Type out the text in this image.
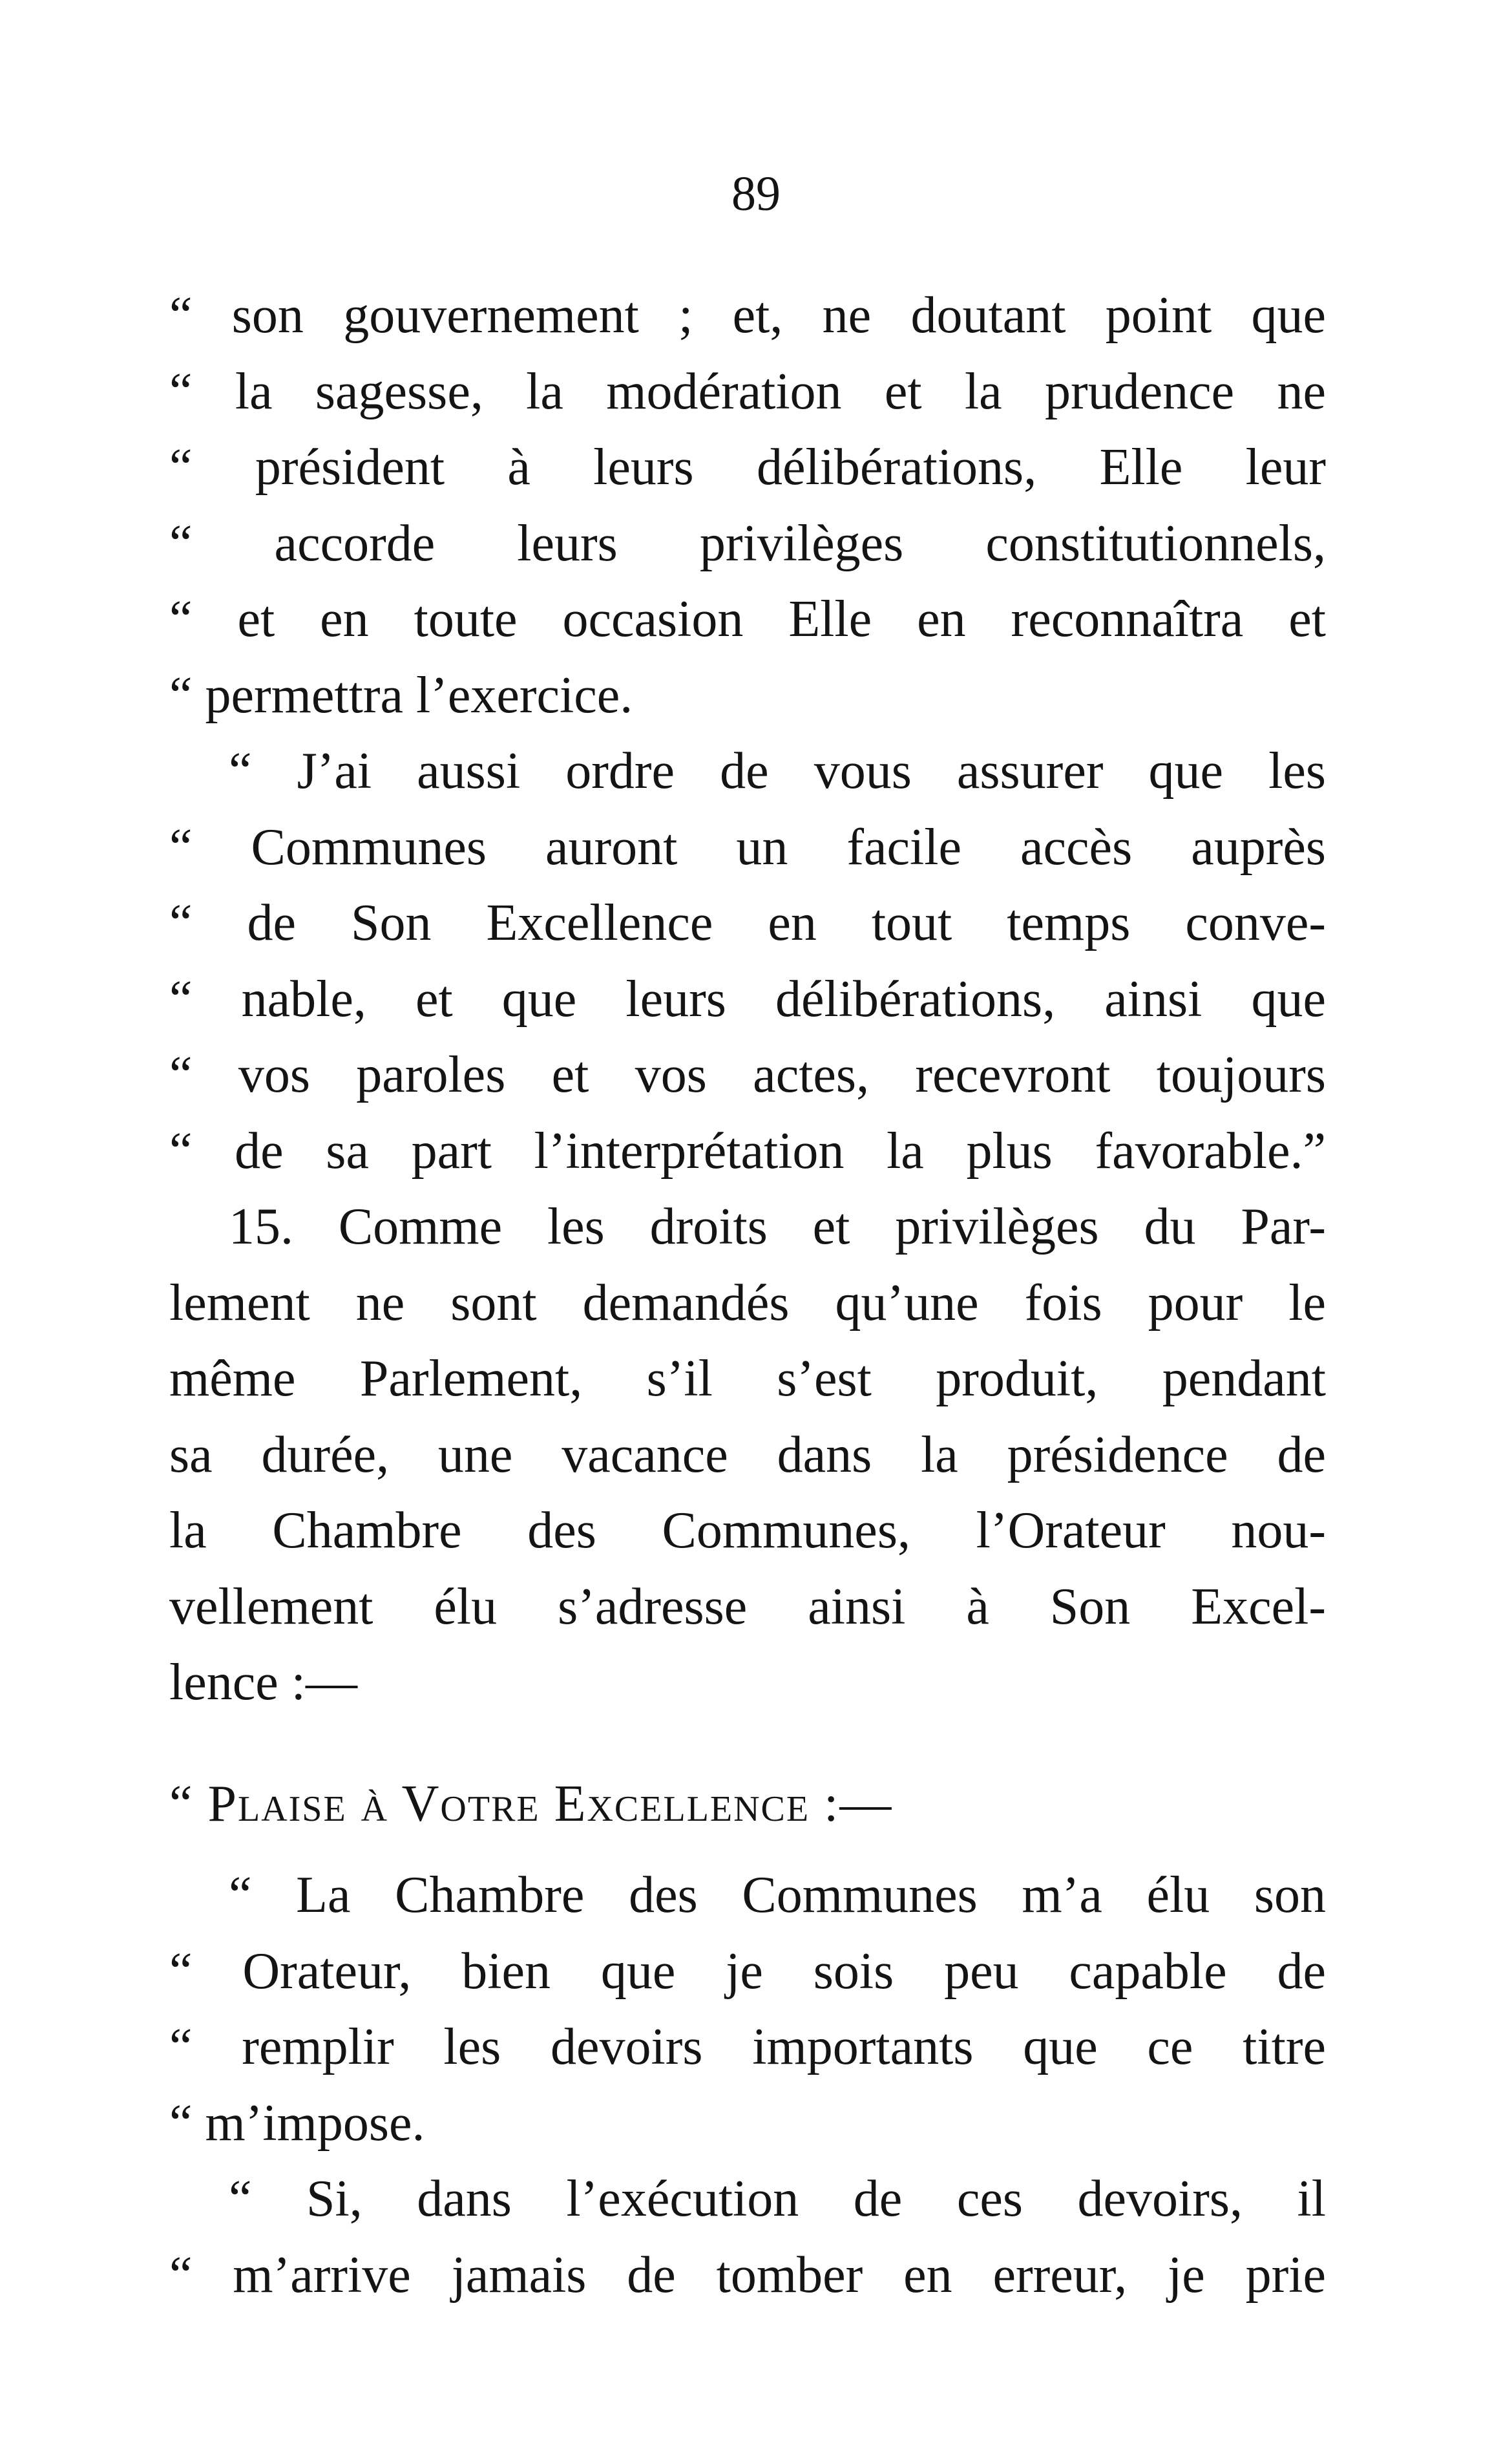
89
“ son gouvernement ; et, ne doutant point que
“ la sagesse, la modération et la prudence ne
“ président à leurs délibérations, Elle leur
“ accorde leurs privilèges constitutionnels,
“ et en toute occasion Elle en reconnaîtra et
“ permettra l’exercice.
“ J’ai aussi ordre de vous assurer que les
“ Communes auront un facile accès auprès
“ de Son Excellence en tout temps conve-
“ nable, et que leurs délibérations, ainsi que
“ vos paroles et vos actes, recevront toujours
“ de sa part l’interprétation la plus favorable.”
15. Comme les droits et privilèges du Par-
lement ne sont demandés qu’une fois pour le
même Parlement, s’il s’est produit, pendant
sa durée, une vacance dans la présidence de
la Chambre des Communes, l’Orateur nou-
vellement élu s’adresse ainsi à Son Excel-
lence :—
“ Plaise à Votre Excellence :—
“ La Chambre des Communes m’a élu son
“ Orateur, bien que je sois peu capable de
“ remplir les devoirs importants que ce titre
“ m’impose.
“ Si, dans l’exécution de ces devoirs, il
“ m’arrive jamais de tomber en erreur, je prie
